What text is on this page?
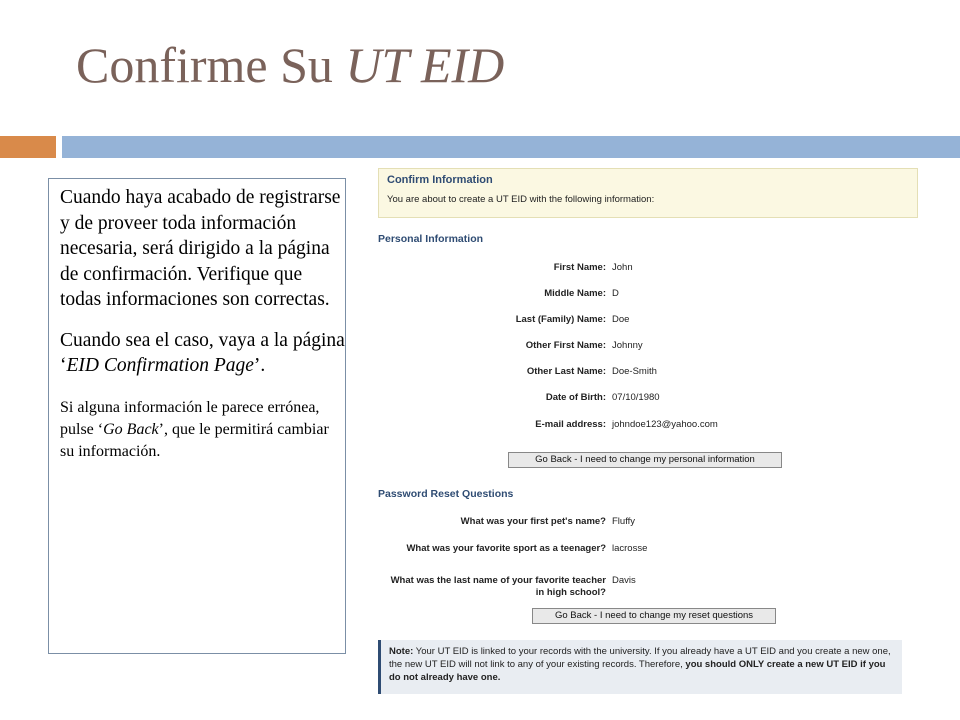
Confirme Su UT EID

Cuando haya acabado de registrarse y de proveer toda información necesaria, será dirigido a la página de confirmación. Verifique que todas informaciones son correctas.

Cuando sea el caso, vaya a la página ‘EID Confirmation Page’.

Si alguna información le parece errónea, pulse ‘Go Back’, que le permitirá cambiar su información.

Confirm Information
You are about to create a UT EID with the following information:
Personal Information
First Name: John
Middle Name: D
Last (Family) Name: Doe
Other First Name: Johnny
Other Last Name: Doe-Smith
Date of Birth: 07/10/1980
E-mail address: johndoe123@yahoo.com
Go Back - I need to change my personal information
Password Reset Questions
What was your first pet's name? Fluffy
What was your favorite sport as a teenager? lacrosse
What was the last name of your favorite teacher in high school?
Davis
Go Back - I need to change my reset questions
Note: Your UT EID is linked to your records with the university. If you already have a UT EID and you create a new one, the new UT EID will not link to any of your existing records. Therefore, you should ONLY create a new UT EID if you do not already have one.
